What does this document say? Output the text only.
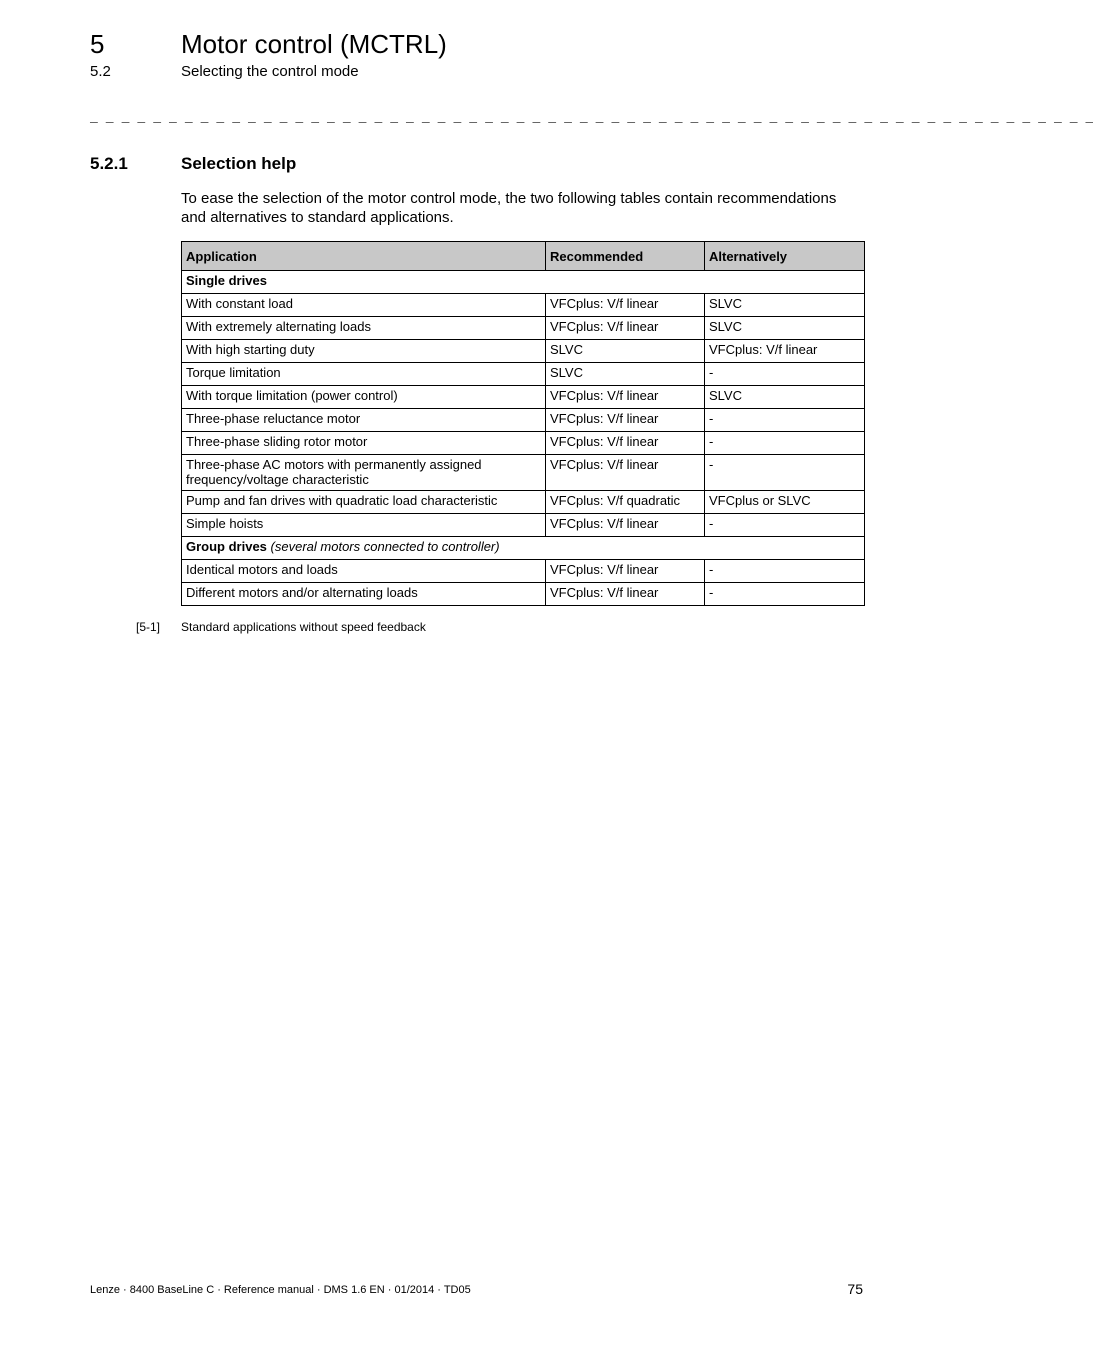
5	Motor control (MCTRL)
5.2	Selecting the control mode
_ _ _ _ _ _ _ _ _ _ _ _ _ _ _ _ _ _ _ _ _ _ _ _ _ _ _ _ _ _ _ _ _ _ _ _ _ _ _ _ _ _ _ _ _ _ _ _ _ _ _ _ _ _ _ _ _ _ _ _ _ _ _ _
5.2.1	Selection help

To ease the selection of the motor control mode, the two following tables contain recommendations and alternatives to standard applications.

Application	Recommended	Alternatively
Single drives		
With constant load	VFCplus: V/f linear	SLVC
With extremely alternating loads	VFCplus: V/f linear	SLVC
With high starting duty	SLVC	VFCplus: V/f linear
Torque limitation	SLVC	-
With torque limitation (power control)	VFCplus: V/f linear	SLVC
Three-phase reluctance motor	VFCplus: V/f linear	-
Three-phase sliding rotor motor	VFCplus: V/f linear	-
Three-phase AC motors with permanently assigned frequency/voltage characteristic	VFCplus: V/f linear	-
Pump and fan drives with quadratic load characteristic	VFCplus: V/f quadratic	VFCplus or SLVC
Simple hoists	VFCplus: V/f linear	-
Group drives (several motors connected to controller)		
Identical motors and loads	VFCplus: V/f linear	-
Different motors and/or alternating loads	VFCplus: V/f linear	-
[5-1] Standard applications without speed feedback
Lenze · 8400 BaseLine C · Reference manual · DMS 1.6 EN · 01/2014 · TD05	75
